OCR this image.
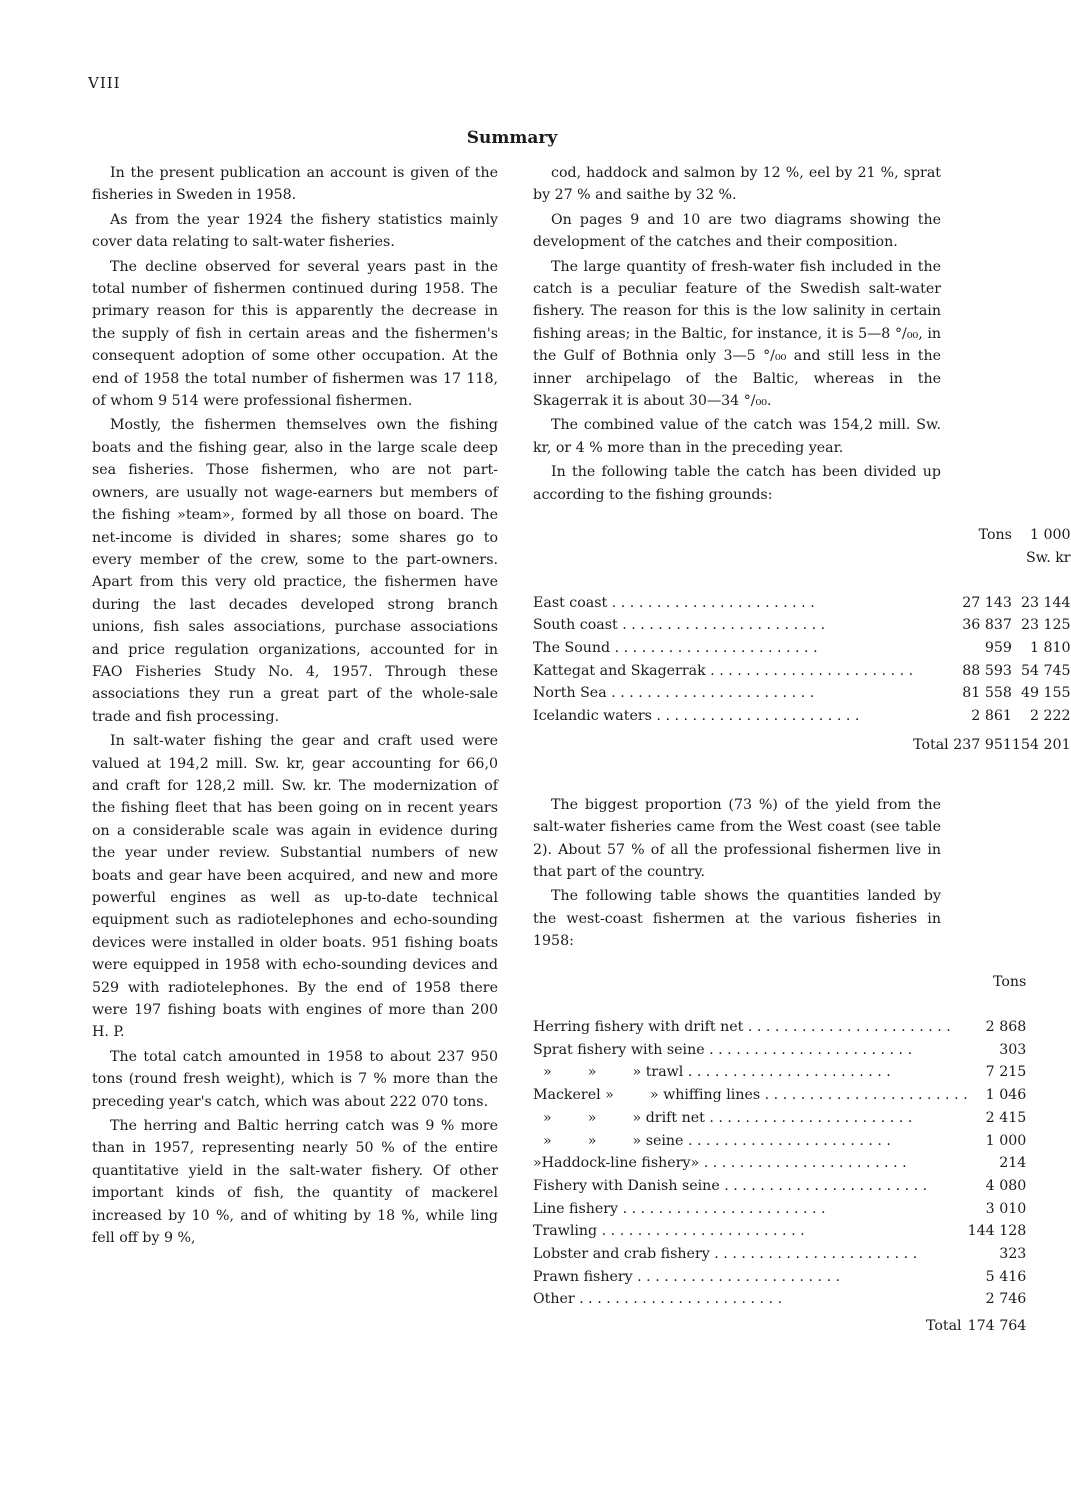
VIII
Summary

In the present publication an account is given of the fisheries in Sweden in 1958.

As from the year 1924 the fishery statistics mainly cover data relating to salt-water fisheries.

The decline observed for several years past in the total number of fishermen continued during 1958. The primary reason for this is apparently the decrease in the supply of fish in certain areas and the fishermen's consequent adoption of some other occupation. At the end of 1958 the total number of fishermen was 17 118, of whom 9 514 were professional fishermen.

Mostly, the fishermen themselves own the fishing boats and the fishing gear, also in the large scale deep sea fisheries. Those fishermen, who are not part-owners, are usually not wage-earners but members of the fishing »team», formed by all those on board. The net-income is divided in shares; some shares go to every member of the crew, some to the part-owners. Apart from this very old practice, the fishermen have during the last decades developed strong branch unions, fish sales associations, purchase associations and price regulation organizations, accounted for in FAO Fisheries Study No. 4, 1957. Through these associations they run a great part of the whole-sale trade and fish processing.

In salt-water fishing the gear and craft used were valued at 194,2 mill. Sw. kr, gear accounting for 66,0 and craft for 128,2 mill. Sw. kr. The modernization of the fishing fleet that has been going on in recent years on a considerable scale was again in evidence during the year under review. Substantial numbers of new boats and gear have been acquired, and new and more powerful engines as well as up-to-date technical equipment such as radiotelephones and echo-sounding devices were installed in older boats. 951 fishing boats were equipped in 1958 with echo-sounding devices and 529 with radiotelephones. By the end of 1958 there were 197 fishing boats with engines of more than 200 H. P.

The total catch amounted in 1958 to about 237 950 tons (round fresh weight), which is 7 % more than the preceding year's catch, which was about 222 070 tons.

The herring and Baltic herring catch was 9 % more than in 1957, representing nearly 50 % of the entire quantitative yield in the salt-water fishery. Of other important kinds of fish, the quantity of mackerel increased by 10 %, and of whiting by 18 %, while ling fell off by 9 %,

cod, haddock and salmon by 12 %, eel by 21 %, sprat by 27 % and saithe by 32 %.

On pages 9 and 10 are two diagrams showing the development of the catches and their composition.

The large quantity of fresh-water fish included in the catch is a peculiar feature of the Swedish salt-water fishery. The reason for this is the low salinity in certain fishing areas; in the Baltic, for instance, it is 5—8 °/₀₀, in the Gulf of Bothnia only 3—5 °/₀₀ and still less in the inner archipelago of the Baltic, whereas in the Skagerrak it is about 30—34 °/₀₀.

The combined value of the catch was 154,2 mill. Sw. kr, or 4 % more than in the preceding year.

In the following table the catch has been divided up according to the fishing grounds:

	Tons	1 000
Sw. kr

East coast . . .	27 143	23 144
South coast . . .	36 837	23 125
The Sound . . .	959	1 810
Kattegat and Skagerrak . . .	88 593	54 745
North Sea . . .	81 558	49 155
Icelandic waters . . .	2 861	2 222
	Total 237 951	154 201

The biggest proportion (73 %) of the yield from the salt-water fisheries came from the West coast (see table 2). About 57 % of all the professional fishermen live in that part of the country.

The following table shows the quantities landed by the west-coast fishermen at the various fisheries in 1958:

	Tons

Herring fishery with drift net . . .	2 868
Sprat fishery with seine . . .	303
»        »        » trawl . . .	7 215
Mackerel »        » whiffing lines . . .	1 046
»        »        » drift net . . .	2 415
»        »        » seine . . .	1 000
»Haddock-line fishery» . . .	214
Fishery with Danish seine . . .	4 080
Line fishery . . .	3 010
Trawling . . .	144 128
Lobster and crab fishery . . .	323
Prawn fishery . . .	5 416
Other . . .	2 746
Total	174 764
